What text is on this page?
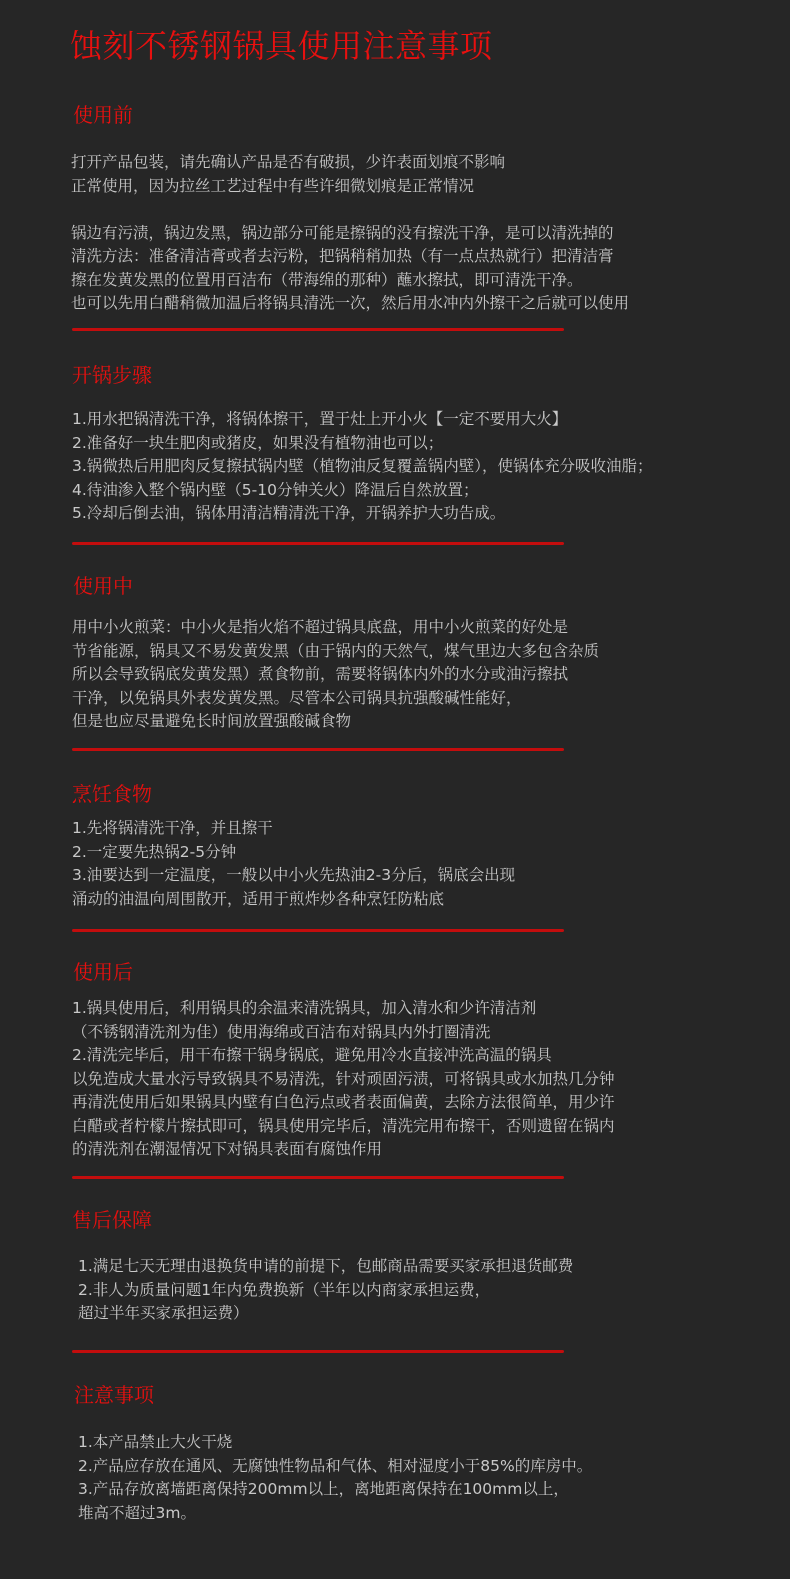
蚀刻不锈钢锅具使用注意事项
使用前
打开产品包装，请先确认产品是否有破损，少许表面划痕不影响
正常使用，因为拉丝工艺过程中有些许细微划痕是正常情况
锅边有污渍，锅边发黑，锅边部分可能是擦锅的没有擦洗干净，是可以清洗掉的
清洗方法：准备清洁膏或者去污粉，把锅稍稍加热（有一点点热就行）把清洁膏
擦在发黄发黑的位置用百洁布（带海绵的那种）蘸水擦拭，即可清洗干净。
也可以先用白醋稍微加温后将锅具清洗一次，然后用水冲内外擦干之后就可以使用
开锅步骤
1.用水把锅清洗干净，将锅体擦干，置于灶上开小火【一定不要用大火】
2.准备好一块生肥肉或猪皮，如果没有植物油也可以；
3.锅微热后用肥肉反复擦拭锅内壁（植物油反复覆盖锅内壁），使锅体充分吸收油脂；
4.待油渗入整个锅内壁（5-10分钟关火）降温后自然放置；
5.冷却后倒去油，锅体用清洁精清洗干净，开锅养护大功告成。
使用中
用中小火煎菜：中小火是指火焰不超过锅具底盘，用中小火煎菜的好处是
节省能源，锅具又不易发黄发黑（由于锅内的天然气，煤气里边大多包含杂质
所以会导致锅底发黄发黑）煮食物前，需要将锅体内外的水分或油污擦拭
干净，以免锅具外表发黄发黑。尽管本公司锅具抗强酸碱性能好，
但是也应尽量避免长时间放置强酸碱食物
烹饪食物
1.先将锅清洗干净，并且擦干
2.一定要先热锅2-5分钟
3.油要达到一定温度，一般以中小火先热油2-3分后，锅底会出现
涌动的油温向周围散开，适用于煎炸炒各种烹饪防粘底
使用后
1.锅具使用后，利用锅具的余温来清洗锅具，加入清水和少许清洁剂
（不锈钢清洗剂为佳）使用海绵或百洁布对锅具内外打圈清洗
2.清洗完毕后，用干布擦干锅身锅底，避免用冷水直接冲洗高温的锅具
以免造成大量水污导致锅具不易清洗，针对顽固污渍，可将锅具或水加热几分钟
再清洗使用后如果锅具内壁有白色污点或者表面偏黄，去除方法很简单，用少许
白醋或者柠檬片擦拭即可，锅具使用完毕后，清洗完用布擦干，否则遗留在锅内
的清洗剂在潮湿情况下对锅具表面有腐蚀作用
售后保障
1.满足七天无理由退换货申请的前提下，包邮商品需要买家承担退货邮费
2.非人为质量问题1年内免费换新（半年以内商家承担运费，
超过半年买家承担运费）
注意事项
1.本产品禁止大火干烧
2.产品应存放在通风、无腐蚀性物品和气体、相对湿度小于85%的库房中。
3.产品存放离墙距离保持200mm以上，离地距离保持在100mm以上，
堆高不超过3m。
